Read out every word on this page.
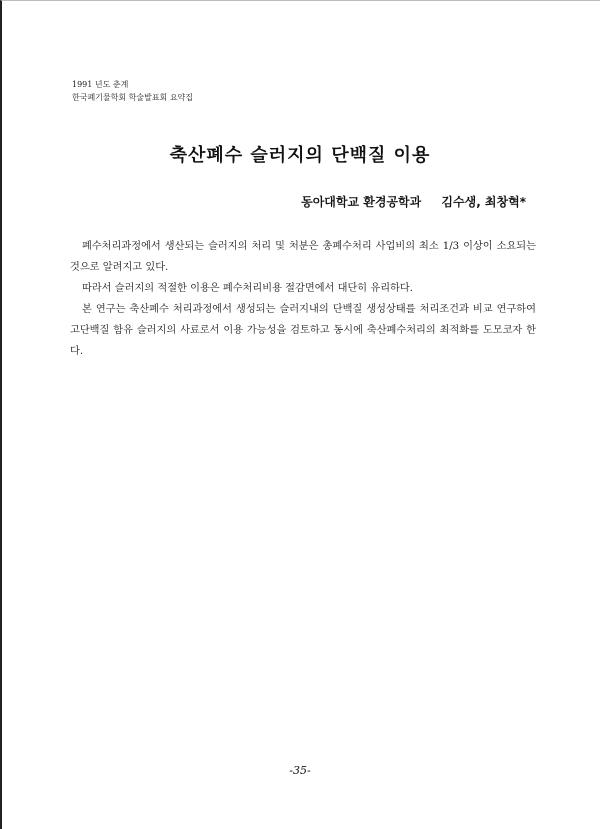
1991 년도 춘계
한국폐기물학회 학술발표회 요약집
축산폐수 슬러지의 단백질 이용
동아대학교 환경공학과 김수생, 최창혁*

폐수처리과정에서 생산되는 슬러지의 처리 및 처분은 총폐수처리 사업비의 최소 1/3 이상이 소요되는 것으로 알려지고 있다.

따라서 슬러지의 적절한 이용은 폐수처리비용 절감면에서 대단히 유리하다.

본 연구는 축산폐수 처리과정에서 생성되는 슬러지내의 단백질 생성상태를 처리조건과 비교 연구하여 고단백질 함유 슬러지의 사료로서 이용 가능성을 검토하고 동시에 축산폐수처리의 최적화를 도모코자 한다.

-35-
